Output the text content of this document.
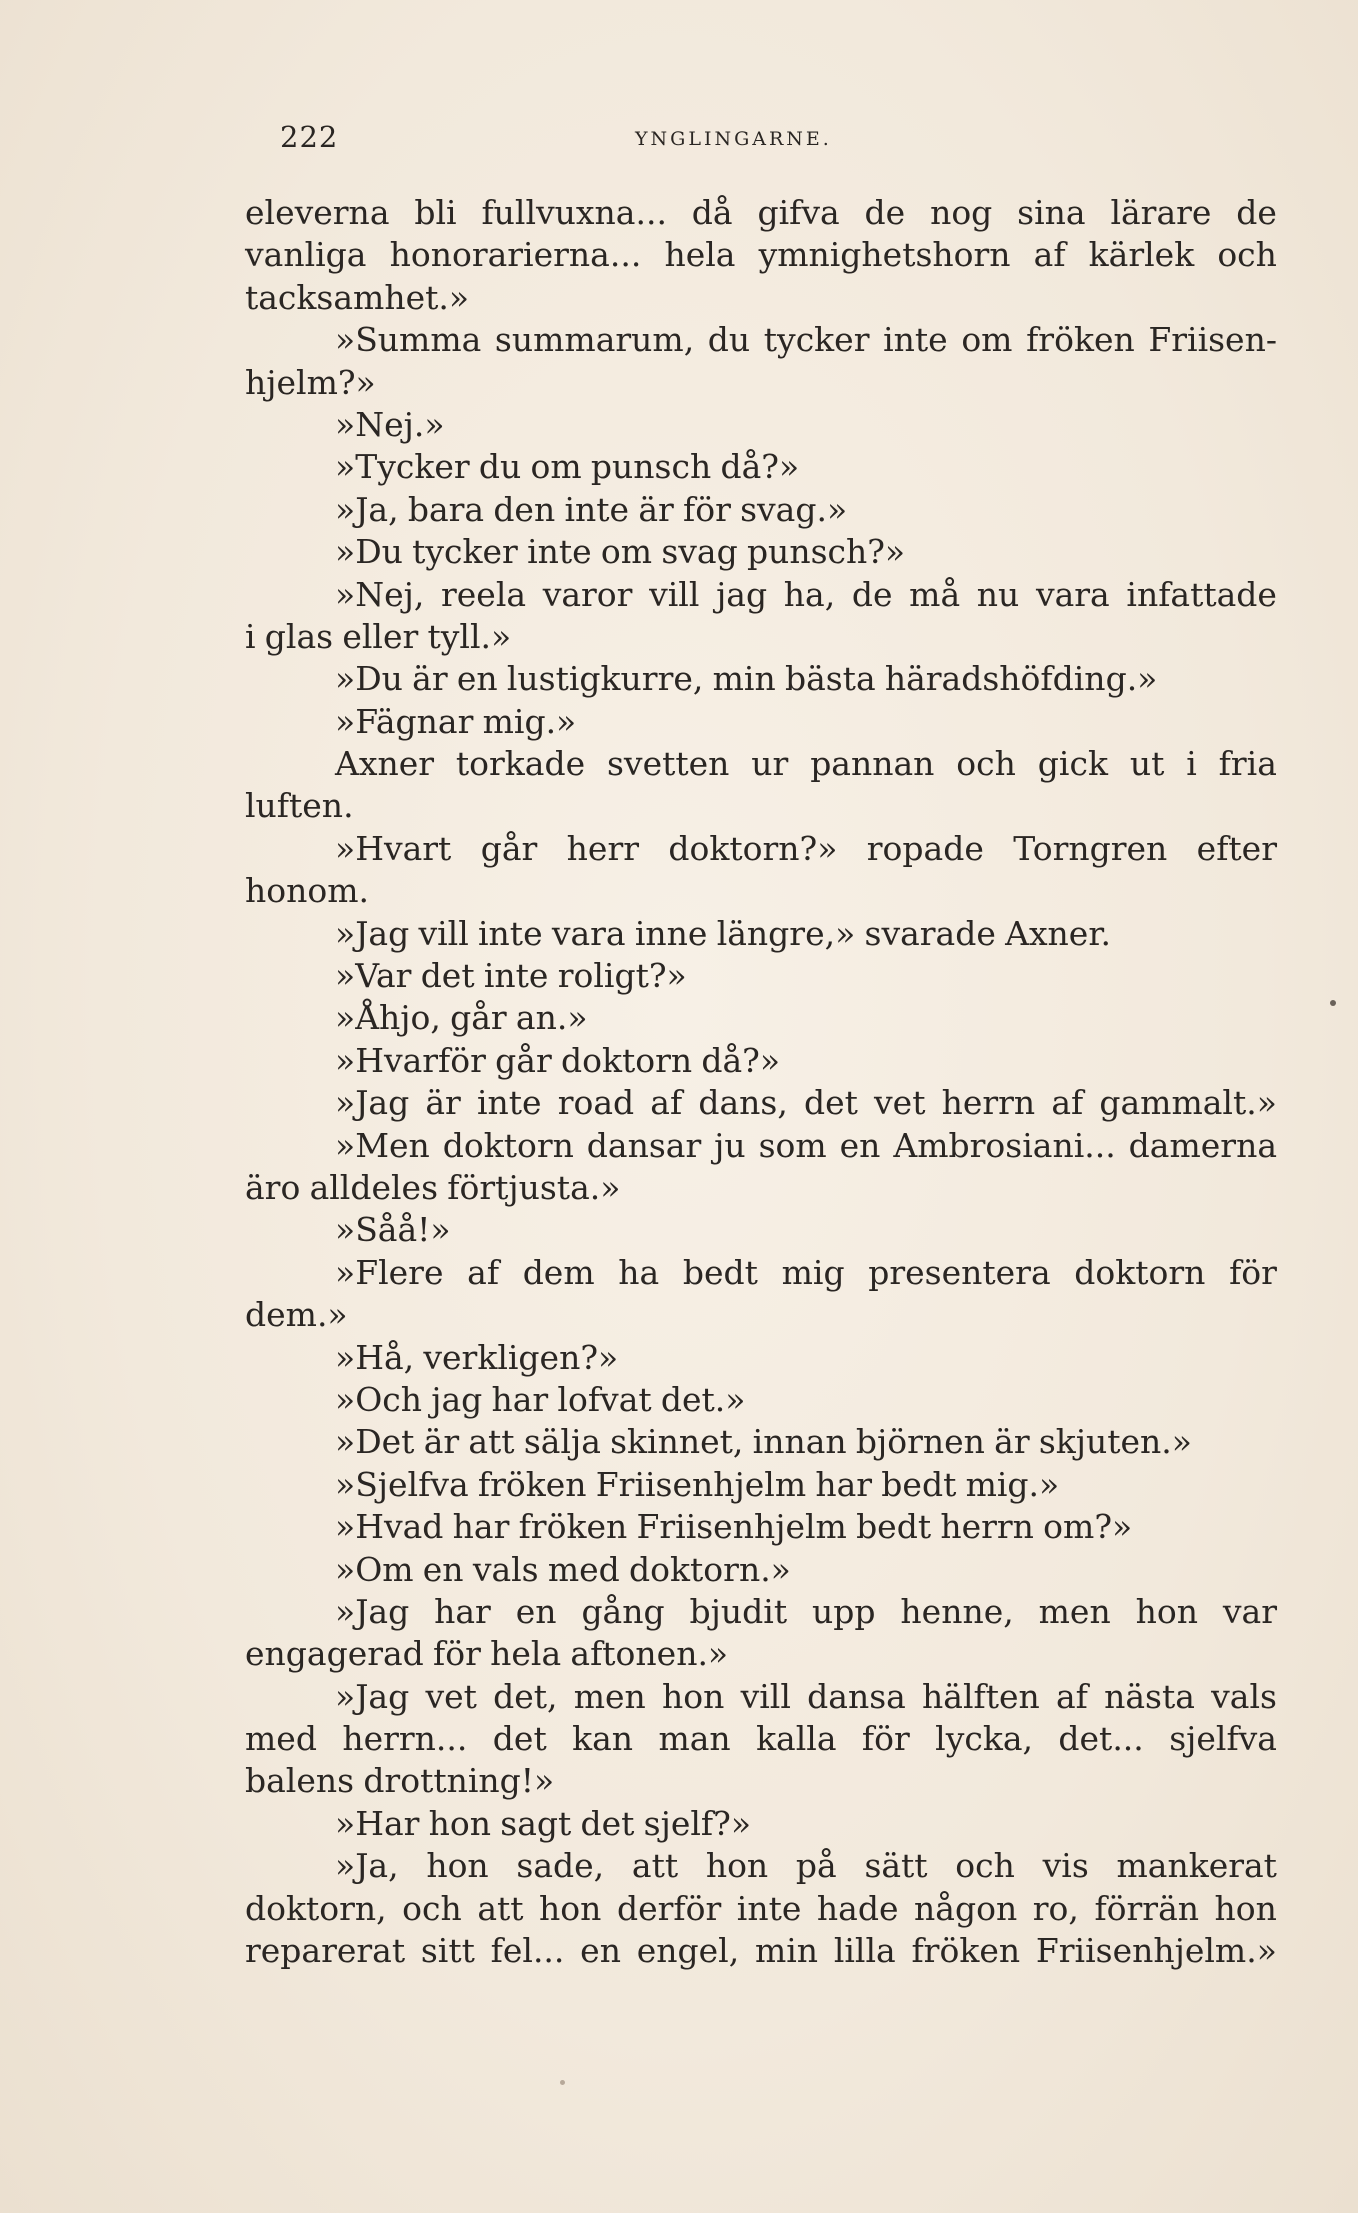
222	YNGLINGARNE.
eleverna bli fullvuxna... då gifva de nog sina lärare de
vanliga honorarierna... hela ymnighetshorn af kärlek och
tacksamhet.»
»Summa summarum, du tycker inte om fröken Friisen-
hjelm?»
»Nej.»
»Tycker du om punsch då?»
»Ja, bara den inte är för svag.»
»Du tycker inte om svag punsch?»
»Nej, reela varor vill jag ha, de må nu vara infattade
i glas eller tyll.»
»Du är en lustigkurre, min bästa häradshöfding.»
»Fägnar mig.»
Axner torkade svetten ur pannan och gick ut i fria
luften.
»Hvart går herr doktorn?» ropade Torngren efter
honom.
»Jag vill inte vara inne längre,» svarade Axner.
»Var det inte roligt?»
»Åhjo, går an.»
»Hvarför går doktorn då?»
»Jag är inte road af dans, det vet herrn af gammalt.»
»Men doktorn dansar ju som en Ambrosiani... damerna
äro alldeles förtjusta.»
»Såå!»
»Flere af dem ha bedt mig presentera doktorn för
dem.»
»Hå, verkligen?»
»Och jag har lofvat det.»
»Det är att sälja skinnet, innan björnen är skjuten.»
»Sjelfva fröken Friisenhjelm har bedt mig.»
»Hvad har fröken Friisenhjelm bedt herrn om?»
»Om en vals med doktorn.»
»Jag har en gång bjudit upp henne, men hon var
engagerad för hela aftonen.»
»Jag vet det, men hon vill dansa hälften af nästa vals
med herrn... det kan man kalla för lycka, det... sjelfva
balens drottning!»
»Har hon sagt det sjelf?»
»Ja, hon sade, att hon på sätt och vis mankerat
doktorn, och att hon derför inte hade någon ro, förrän hon
reparerat sitt fel... en engel, min lilla fröken Friisenhjelm.»
